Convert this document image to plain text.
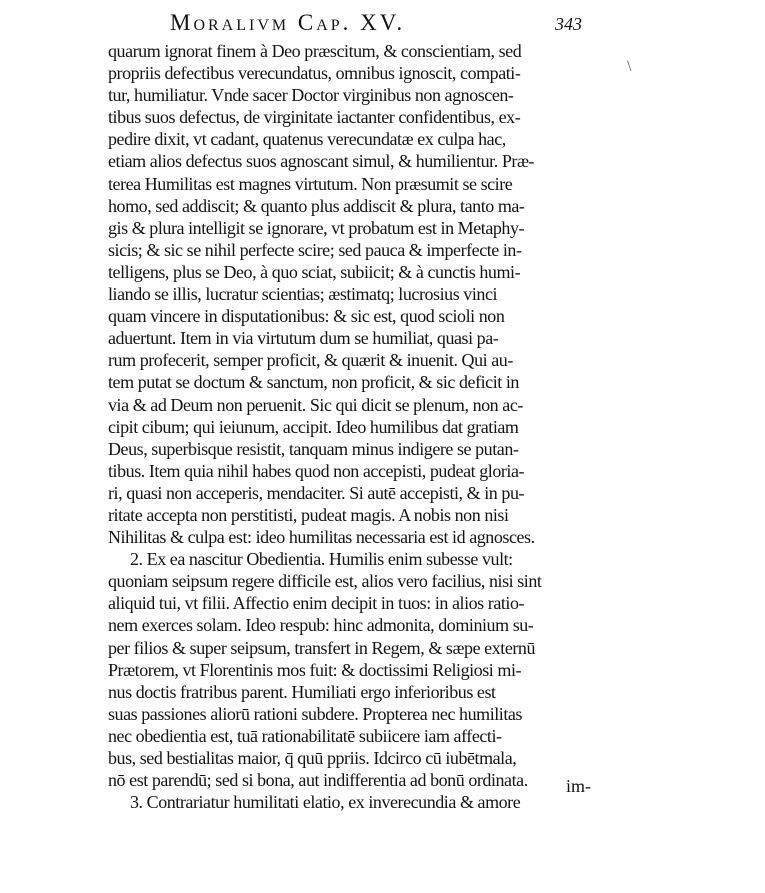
Moralivm Cap. XV.	343
\
quarum ignorat finem à Deo præscitum, & conscientiam, sed
propriis defectibus verecundatus, omnibus ignoscit, compati-
tur, humiliatur. Vnde sacer Doctor virginibus non agnoscen-
tibus suos defectus, de virginitate iactanter confidentibus, ex-
pedire dixit, vt cadant, quatenus verecundatæ ex culpa hac,
etiam alios defectus suos agnoscant simul, & humilientur. Præ-
terea Humilitas est magnes virtutum. Non præsumit se scire
homo, sed addiscit; & quanto plus addiscit & plura, tanto ma-
gis & plura intelligit se ignorare, vt probatum est in Metaphy-
sicis; & sic se nihil perfecte scire; sed pauca & imperfecte in-
telligens, plus se Deo, à quo sciat, subiicit; & à cunctis humi-
liando se illis, lucratur scientias; æstimatq; lucrosius vinci
quam vincere in disputationibus: & sic est, quod scioli non
aduertunt. Item in via virtutum dum se humiliat, quasi pa-
rum profecerit, semper proficit, & quærit & inuenit. Qui au-
tem putat se doctum & sanctum, non proficit, & sic deficit in
via & ad Deum non peruenit. Sic qui dicit se plenum, non ac-
cipit cibum; qui ieiunum, accipit. Ideo humilibus dat gratiam
Deus, superbisque resistit, tanquam minus indigere se putan-
tibus. Item quia nihil habes quod non accepisti, pudeat gloria-
ri, quasi non acceperis, mendaciter. Si autē accepisti, & in pu-
ritate accepta non perstitisti, pudeat magis. A nobis non nisi
Nihilitas & culpa est: ideo humilitas necessaria est id agnosces.
2. Ex ea nascitur Obedientia. Humilis enim subesse vult:
quoniam seipsum regere difficile est, alios vero facilius, nisi sint
aliquid tui, vt filii. Affectio enim decipit in tuos: in alios ratio-
nem exerces solam. Ideo respub: hinc admonita, dominium su-
per filios & super seipsum, transfert in Regem, & sæpe externū
Prætorem, vt Florentinis mos fuit: & doctissimi Religiosi mi-
nus doctis fratribus parent. Humiliati ergo inferioribus est
suas passiones aliorū rationi subdere. Propterea nec humilitas
nec obedientia est, tuā rationabilitatē subiicere iam affecti-
bus, sed bestialitas maior, q̄ quū ppriis. Idcirco cū iubētmala,
nō est parendū; sed si bona, aut indifferentia ad bonū ordinata.
3. Contrariatur humilitati elatio, ex inverecundia & amore
im-
